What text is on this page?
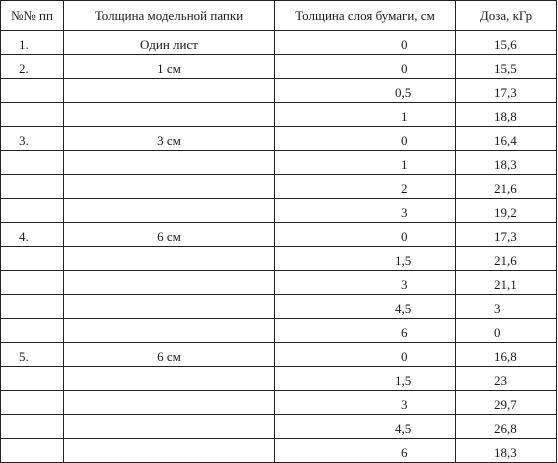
№№ пп	Толщина модельной папки	Толщина слоя бумаги, см	Доза, кГр
1.	Один лист	0	15,6
2.	1 см	0	15,5
		0,5	17,3
		1	18,8
3.	3 см	0	16,4
		1	18,3
		2	21,6
		3	19,2
4.	6 см	0	17,3
		1,5	21,6
		3	21,1
		4,5	3
		6	0
5.	6 см	0	16,8
		1,5	23
		3	29,7
		4,5	26,8
		6	18,3
